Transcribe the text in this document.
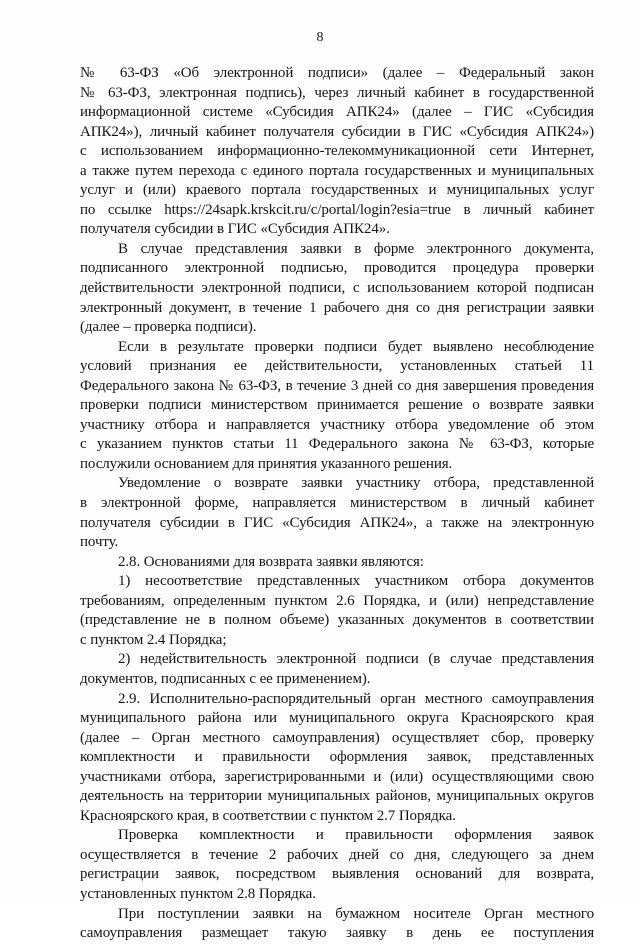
8
№ 63-ФЗ «Об электронной подписи» (далее – Федеральный закон
№ 63-ФЗ, электронная подпись), через личный кабинет в государственной
информационной системе «Субсидия АПК24» (далее – ГИС «Субсидия
АПК24»), личный кабинет получателя субсидии в ГИС «Субсидия АПК24»)
с использованием информационно-телекоммуникационной сети Интернет,
а также путем перехода с единого портала государственных и муниципальных
услуг и (или) краевого портала государственных и муниципальных услуг
по ссылке https://24sapk.krskcit.ru/c/portal/login?esia=true в личный кабинет
получателя субсидии в ГИС «Субсидия АПК24».
В случае представления заявки в форме электронного документа,
подписанного электронной подписью, проводится процедура проверки
действительности электронной подписи, с использованием которой подписан
электронный документ, в течение 1 рабочего дня со дня регистрации заявки
(далее – проверка подписи).
Если в результате проверки подписи будет выявлено несоблюдение
условий признания ее действительности, установленных статьей 11
Федерального закона № 63-ФЗ, в течение 3 дней со дня завершения проведения
проверки подписи министерством принимается решение о возврате заявки
участнику отбора и направляется участнику отбора уведомление об этом
с указанием пунктов статьи 11 Федерального закона № 63-ФЗ, которые
послужили основанием для принятия указанного решения.
Уведомление о возврате заявки участнику отбора, представленной
в электронной форме, направляется министерством в личный кабинет
получателя субсидии в ГИС «Субсидия АПК24», а также на электронную
почту.
2.8. Основаниями для возврата заявки являются:
1) несоответствие представленных участником отбора документов
требованиям, определенным пунктом 2.6 Порядка, и (или) непредставление
(представление не в полном объеме) указанных документов в соответствии
с пунктом 2.4 Порядка;
2) недействительность электронной подписи (в случае представления
документов, подписанных с ее применением).
2.9. Исполнительно-распорядительный орган местного самоуправления
муниципального района или муниципального округа Красноярского края
(далее – Орган местного самоуправления) осуществляет сбор, проверку
комплектности и правильности оформления заявок, представленных
участниками отбора, зарегистрированными и (или) осуществляющими свою
деятельность на территории муниципальных районов, муниципальных округов
Красноярского края, в соответствии с пунктом 2.7 Порядка.
Проверка комплектности и правильности оформления заявок
осуществляется в течение 2 рабочих дней со дня, следующего за днем
регистрации заявок, посредством выявления оснований для возврата,
установленных пунктом 2.8 Порядка.
При поступлении заявки на бумажном носителе Орган местного
самоуправления размещает такую заявку в день ее поступления
